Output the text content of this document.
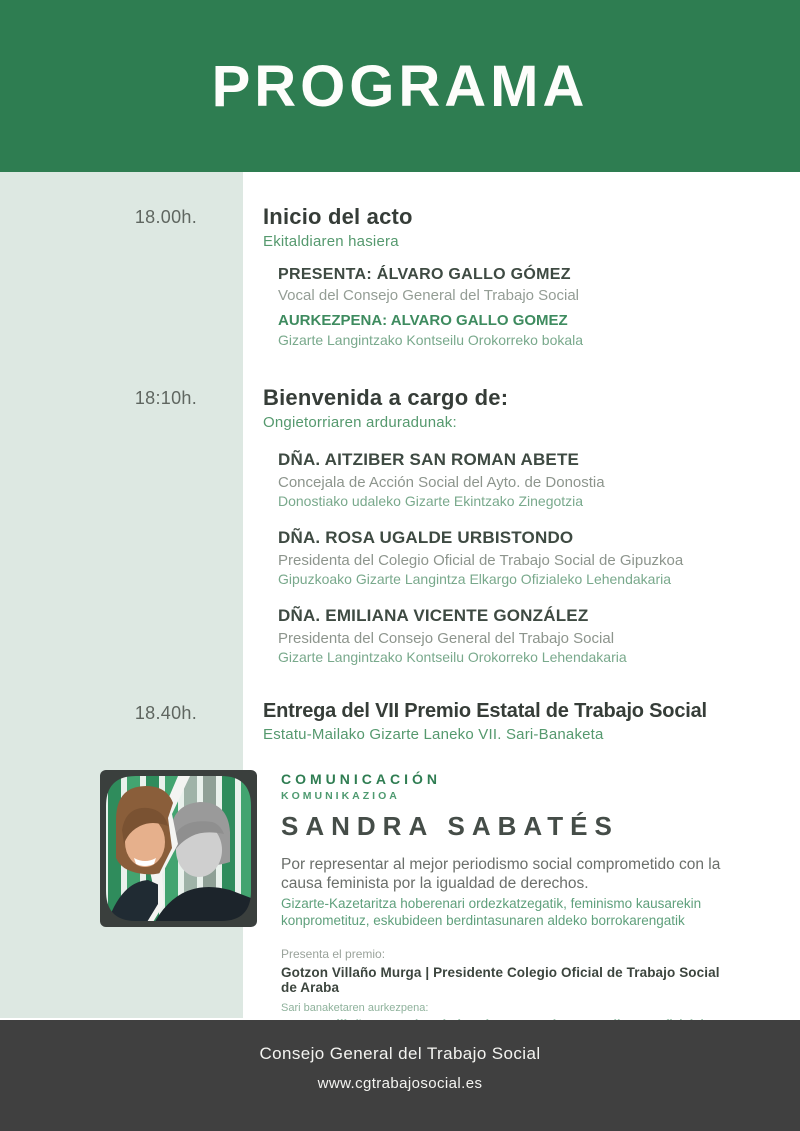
PROGRAMA
18.00h.	Inicio del acto
Ekitaldiaren hasiera
PRESENTA: ÁLVARO GALLO GÓMEZ
Vocal del Consejo General del Trabajo Social
AURKEZPENA: ALVARO GALLO GOMEZ
Gizarte Langintzako Kontseilu Orokorreko bokala
18:10h.	Bienvenida a cargo de:
Ongietorriaren arduradunak:
DÑA. AITZIBER SAN ROMAN ABETE
Concejala de Acción Social del Ayto. de Donostia
Donostiako udaleko Gizarte Ekintzako Zinegotzia
DÑA. ROSA UGALDE URBISTONDO
Presidenta del Colegio Oficial de Trabajo Social de Gipuzkoa
Gipuzkoako Gizarte Langintza Elkargo Ofizialeko Lehendakaria
DÑA. EMILIANA VICENTE GONZÁLEZ
Presidenta del Consejo General del Trabajo Social
Gizarte Langintzako Kontseilu Orokorreko Lehendakaria
18.40h.	Entrega del VII Premio Estatal de Trabajo Social
Estatu-Mailako Gizarte Laneko VII. Sari-Banaketa
COMUNICACIÓN
KOMUNIKAZIOA
SANDRA SABATÉS
Por representar al mejor periodismo social comprometido con la causa feminista por la igualdad de derechos.
Gizarte-Kazetaritza hoberenari ordezkatzegatik, feminismo kausarekin konprometituz, eskubideen berdintasunaren aldeko borrokarengatik
Presenta el premio:
Gotzon Villaño Murga | Presidente Colegio Oficial de Trabajo Social de Araba
Sari banaketaren aurkezpena:
Consejo General del Trabajo Social
www.cgtrabajosocial.es
